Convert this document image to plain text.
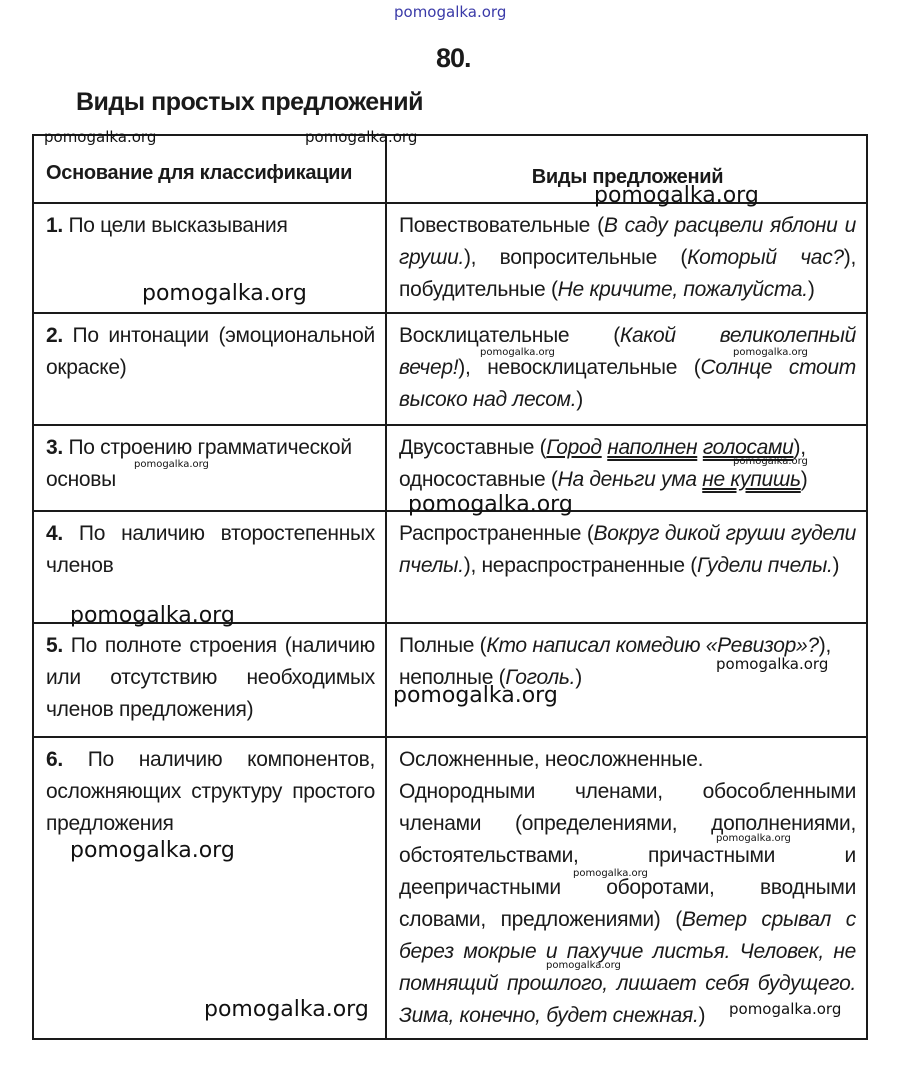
pomogalka.org
80.
Виды простых предложений
Основание для классификации	Виды предложений
1. По цели высказывания	Повествовательные (В саду расцвели яблони и груши.), вопросительные (Который час?), побудительные (Не кричите, пожалуйста.)
2. По интонации (эмоциональной окраске)	Восклицательные (Какой великолепный вечер!), невосклицательные (Солнце стоит высоко над лесом.)
3. По строению грамматической основы	Двусоставные (Город наполнен голосами), односоставные (На деньги ума не купишь)
4. По наличию второстепенных членов	Распространенные (Вокруг дикой груши гудели пчелы.), нераспространенные (Гудели пчелы.)
5. По полноте строения (наличию или отсутствию необходимых членов предложения)	Полные (Кто написал комедию «Ревизор»?), неполные (Гоголь.)
6. По наличию компонентов, осложняющих структуру простого предложения	Осложненные, неосложненные.
Однородными членами, обособленными членами (определениями, дополнениями, обстоятельствами, причастными и деепричастными оборотами, вводными словами, предложениями) (Ветер срывал с берез мокрые и пахучие листья. Человек, не помнящий прошлого, лишает себя будущего. Зима, конечно, будет снежная.)
pomogalka.org	pomogalka.org
pomogalka.org
pomogalka.org
pomogalka.org	pomogalka.org
pomogalka.org	pomogalka.org
pomogalka.org
pomogalka.org
pomogalka.org
pomogalka.org
pomogalka.org	pomogalka.org
pomogalka.org
pomogalka.org
pomogalka.org	pomogalka.org
